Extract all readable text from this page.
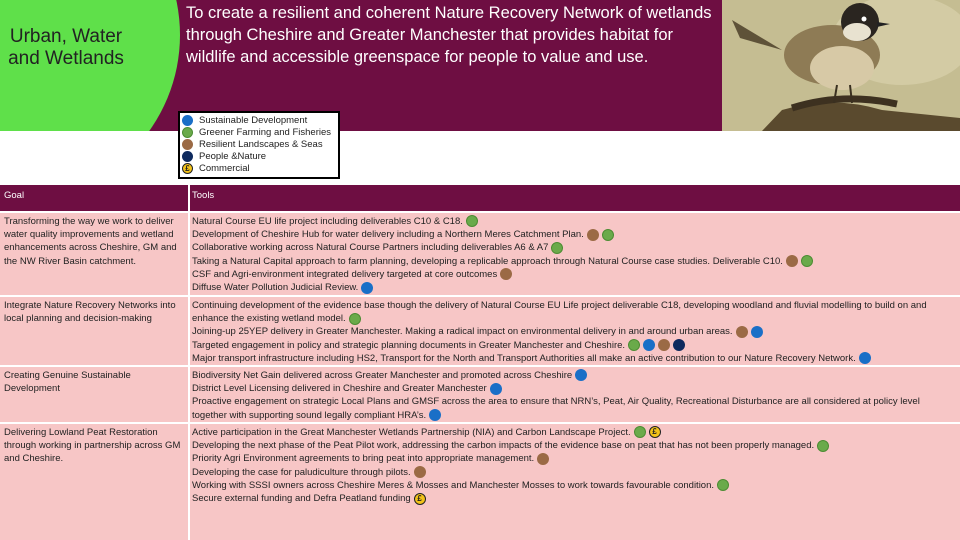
Urban, Water and Wetlands
To create a resilient and coherent Nature Recovery Network of wetlands through Cheshire and Greater Manchester that provides habitat for wildlife and accessible greenspace for people to value and use.
Sustainable Development
Greener Farming and Fisheries
Resilient Landscapes & Seas
People &Nature
£ Commercial
Goal	Tools
Transforming the way we work to deliver water quality improvements and wetland enhancements across Cheshire, GM and the NW River Basin catchment.
Natural Course EU life project including deliverables C10 & C18.
Development of Cheshire Hub for water delivery including a Northern Meres Catchment Plan.
Collaborative working across Natural Course Partners including deliverables A6 & A7
Taking a Natural Capital approach to farm planning, developing a replicable approach through Natural Course case studies. Deliverable C10.
CSF and Agri-environment integrated delivery targeted at core outcomes
Diffuse Water Pollution Judicial Review.
Integrate Nature Recovery Networks into local planning and decision-making
Continuing development of the evidence base though the delivery of Natural Course EU Life project deliverable C18, developing woodland and fluvial modelling to build on and enhance the existing wetland model.
Joining-up 25YEP delivery in Greater Manchester. Making a radical impact on environmental delivery in and around urban areas.
Targeted engagement in policy and strategic planning documents in Greater Manchester and Cheshire.
Major transport infrastructure including HS2, Transport for the North and Transport Authorities all make an active contribution to our Nature Recovery Network.
Creating Genuine Sustainable Development
Biodiversity Net Gain delivered across Greater Manchester and promoted across Cheshire
District Level Licensing delivered in Cheshire and Greater Manchester
Proactive engagement on strategic Local Plans and GMSF across the area to ensure that NRN’s, Peat, Air Quality, Recreational Disturbance are all considered at policy level together with supporting sound legally compliant HRA’s.
Delivering Lowland Peat Restoration through working in partnership across GM and Cheshire.
Active participation in the Great Manchester Wetlands Partnership (NIA) and Carbon Landscape Project.	£
Developing the next phase of the Peat Pilot work, addressing the carbon impacts of the evidence base on peat that has not been properly managed.
Priority Agri Environment agreements to bring peat into appropriate management.
Developing the case for paludiculture through pilots.
Working with SSSI owners across Cheshire Meres & Mosses and Manchester Mosses to work towards favourable condition.
Secure external funding and Defra Peatland funding £
